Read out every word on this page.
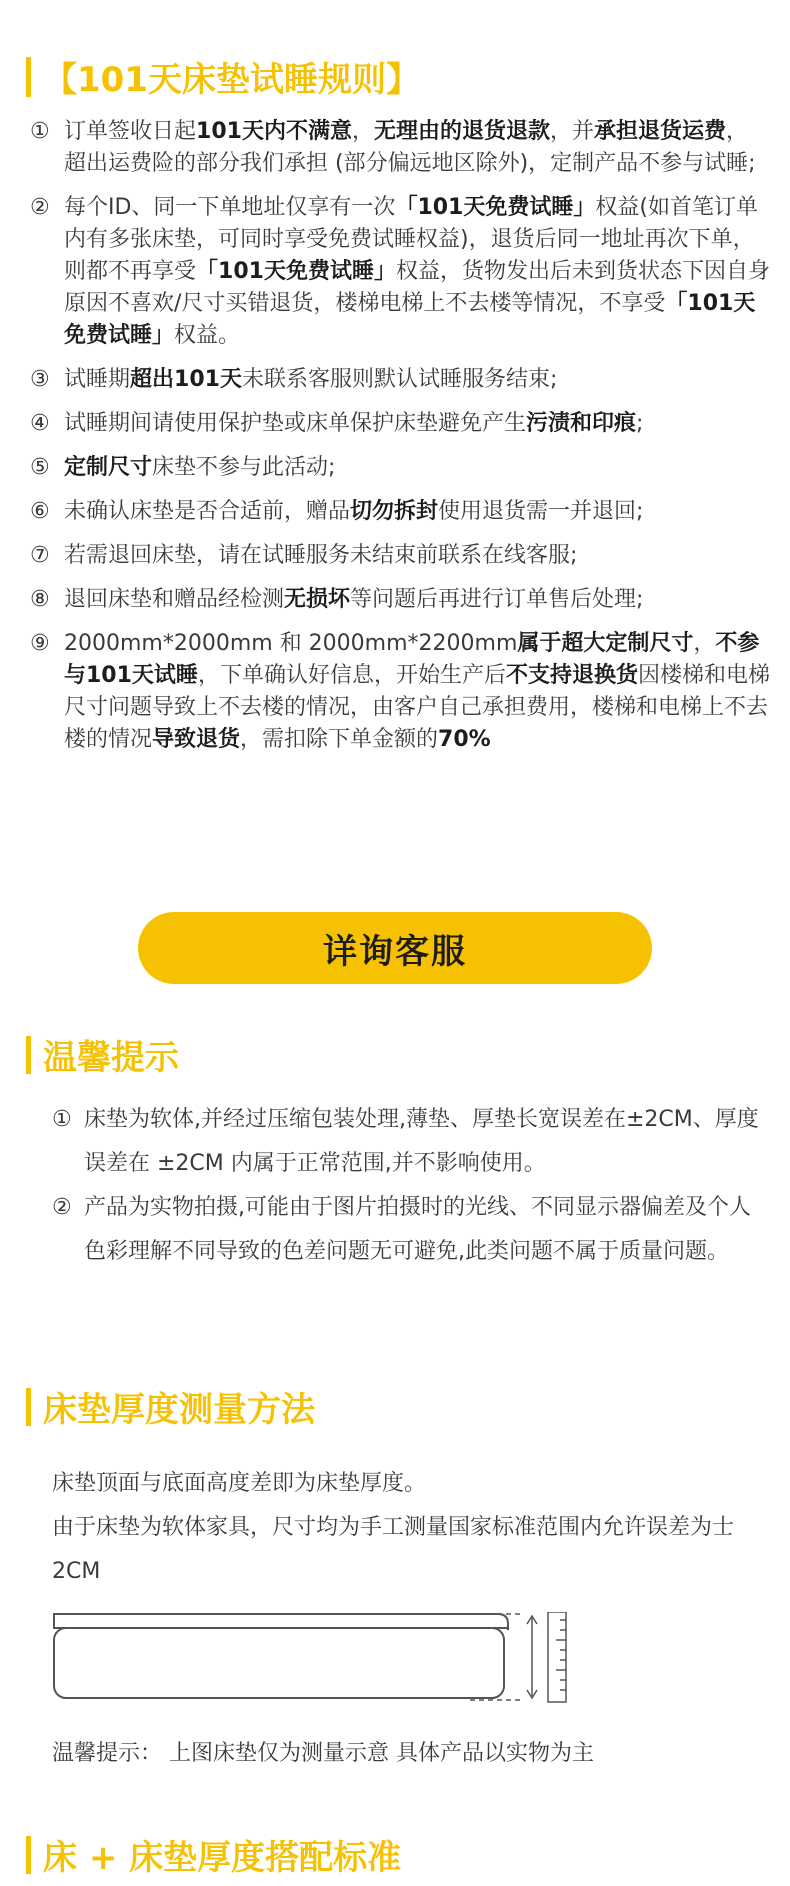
【101天床垫试睡规则】
① 订单签收日起101天内不满意，无理由的退货退款，并承担退货运费，超出运费险的部分我们承担 (部分偏远地区除外)，定制产品不参与试睡;
② 每个ID、同一下单地址仅享有一次「101天免费试睡」权益(如首笔订单内有多张床垫，可同时享受免费试睡权益)，退货后同一地址再次下单，则都不再享受「101天免费试睡」权益，货物发出后未到货状态下因自身原因不喜欢/尺寸买错退货，楼梯电梯上不去楼等情况，不享受「101天免费试睡」权益。
③ 试睡期超出101天未联系客服则默认试睡服务结束;
④ 试睡期间请使用保护垫或床单保护床垫避免产生污渍和印痕;
⑤ 定制尺寸床垫不参与此活动;
⑥ 未确认床垫是否合适前，赠品切勿拆封使用退货需一并退回;
⑦ 若需退回床垫，请在试睡服务未结束前联系在线客服;
⑧ 退回床垫和赠品经检测无损坏等问题后再进行订单售后处理;
⑨ 2000mm*2000mm 和 2000mm*2200mm属于超大定制尺寸，不参与101天试睡，下单确认好信息，开始生产后不支持退换货因楼梯和电梯尺寸问题导致上不去楼的情况，由客户自己承担费用，楼梯和电梯上不去楼的情况导致退货，需扣除下单金额的70%
详询客服
温馨提示
① 床垫为软体,并经过压缩包装处理,薄垫、厚垫长宽误差在±2CM、厚度误差在 ±2CM 内属于正常范围,并不影响使用。
② 产品为实物拍摄,可能由于图片拍摄时的光线、不同显示器偏差及个人色彩理解不同导致的色差问题无可避免,此类问题不属于质量问题。
床垫厚度测量方法
床垫顶面与底面高度差即为床垫厚度。
由于床垫为软体家具，尺寸均为手工测量国家标准范围内允许误差为士 2CM
温馨提示： 上图床垫仅为测量示意 具体产品以实物为主
床 + 床垫厚度搭配标准
